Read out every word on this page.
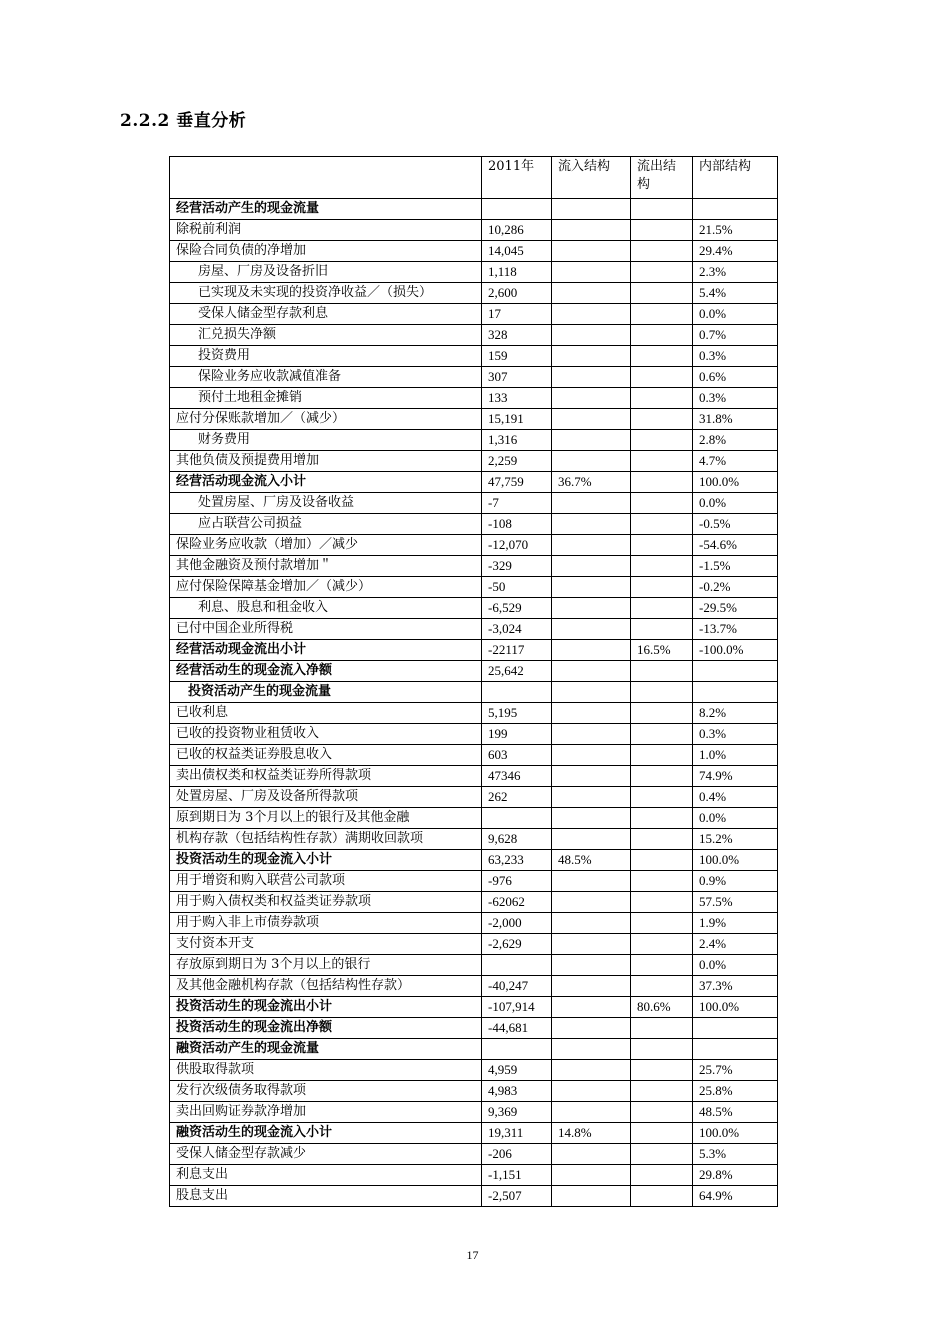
2.2.2 垂直分析
	2011年	流入结构	流出结构	内部结构
经营活动产生的现金流量				
除税前利润	10,286			21.5%
保险合同负债的净增加	14,045			29.4%
房屋、厂房及设备折旧	1,118			2.3%
已实现及未实现的投资净收益／（损失）	2,600			5.4%
受保人储金型存款利息	17			0.0%
汇兑损失净额	328			0.7%
投资费用	159			0.3%
保险业务应收款减值准备	307			0.6%
预付土地租金摊销	133			0.3%
应付分保账款增加／（减少）	15,191			31.8%
财务费用	1,316			2.8%
其他负债及预提费用增加	2,259			4.7%
经营活动现金流入小计	47,759	36.7%		100.0%
处置房屋、厂房及设备收益	-7			0.0%
应占联营公司损益	-108			-0.5%
保险业务应收款（增加）／减少	-12,070			-54.6%
其他金融资及预付款增加＂	-329			-1.5%
应付保险保障基金增加／（减少）	-50			-0.2%
利息、股息和租金收入	-6,529			-29.5%
已付中国企业所得税	-3,024			-13.7%
经营活动现金流出小计	-22117		16.5%	-100.0%
经营活动生的现金流入净额	25,642			
投资活动产生的现金流量				
已收利息	5,195			8.2%
已收的投资物业租赁收入	199			0.3%
已收的权益类证券股息收入	603			1.0%
卖出债权类和权益类证券所得款项	47346			74.9%
处置房屋、厂房及设备所得款项	262			0.4%
原到期日为 3个月以上的银行及其他金融				0.0%
机构存款（包括结构性存款）满期收回款项	9,628			15.2%
投资活动生的现金流入小计	63,233	48.5%		100.0%
用于增资和购入联营公司款项	-976			0.9%
用于购入债权类和权益类证券款项	-62062			57.5%
用于购入非上市债券款项	-2,000			1.9%
支付资本开支	-2,629			2.4%
存放原到期日为 3个月以上的银行				0.0%
及其他金融机构存款（包括结构性存款）	-40,247			37.3%
投资活动生的现金流出小计	-107,914		80.6%	100.0%
投资活动生的现金流出净额	-44,681			
融资活动产生的现金流量				
供股取得款项	4,959			25.7%
发行次级债务取得款项	4,983			25.8%
卖出回购证券款净增加	9,369			48.5%
融资活动生的现金流入小计	19,311	14.8%		100.0%
受保人储金型存款减少	-206			5.3%
利息支出	-1,151			29.8%
股息支出	-2,507			64.9%
17
